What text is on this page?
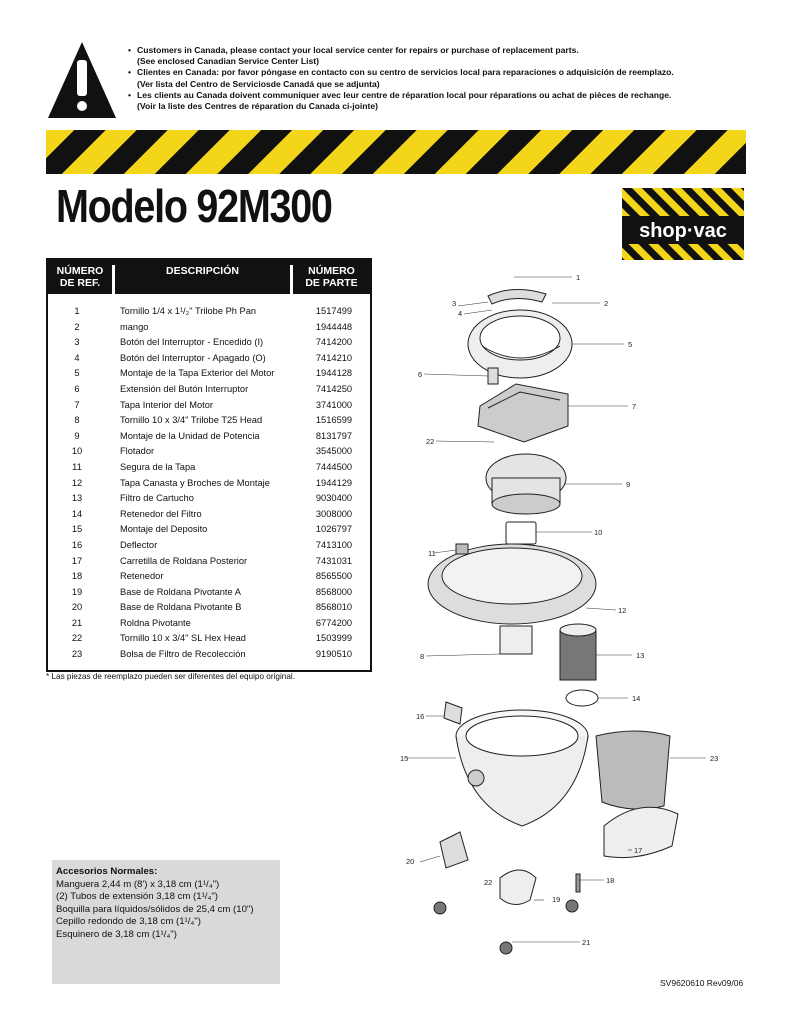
• Customers in Canada, please contact your local service center for repairs or purchase of replacement parts.
(See enclosed Canadian Service Center List)
• Clientes en Canada: por favor póngase en contacto con su centro de servicios local para reparaciones o adquisición de reemplazo.
(Ver lista del Centro de Serviciosde Canadá que se adjunta)
• Les clients au Canada doivent communiquer avec leur centre de réparation local pour réparations ou achat de pièces de rechange.
(Voir la liste des Centres de réparation du Canada ci-jointe)
Modelo 92M300	shop·vac
NÚMERO
DE REF.
DESCRIPCIÓN	NÚMERO
DE PARTE
1	Tornillo 1/4 x 1¹/₂" Trilobe Ph Pan	1517499
2	mango	1944448
3	Botón del Interruptor - Encedido (I)	7414200
4	Botón del Interruptor - Apagado (O)	7414210
5	Montaje de la Tapa Exterior del Motor	1944128
6	Extensión del Butón Interruptor	7414250
7	Tapa Interior del Motor	3741000
8	Tornillo 10 x 3/4" Trilobe T25 Head	1516599
9	Montaje de la Unidad de Potencia	8131797
10	Flotador	3545000
11	Segura de la Tapa	7444500
12	Tapa Canasta y Broches de Montaje	1944129
13	Filtro de Cartucho	9030400
14	Retenedor del Filtro	3008000
15	Montaje del Deposito	1026797
16	Deflector	7413100
17	Carretilla de Roldana Posterior	7431031
18	Retenedor	8565500
19	Base de Roldana Pivotante A	8568000
20	Base de Roldana Pivotante B	8568010
21	Roldna Pivotante	6774200
22	Tornillo 10 x 3/4" SL Hex Head	1503999
23	Bolsa de Filtro de Recolección	9190510
* Las piezas de reemplazo pueden ser diferentes del equipo original.
Accesorios Normales:
Manguera 2,44 m (8') x 3,18 cm (1¹/₄")
(2) Tubos de extensión 3,18 cm (1¹/₄")
Boquilla para líquidos/sólidos de 25,4 cm (10")
Cepillo redondo de 3,18 cm (1¹/₄")
Esquinero de 3,18 cm (1¹/₄")
1
2
3
4
5
6
7
22
9
10
11
12
8	13
14
16
15	23
17
20
22	18
19
21
SV9620610 Rev09/06
